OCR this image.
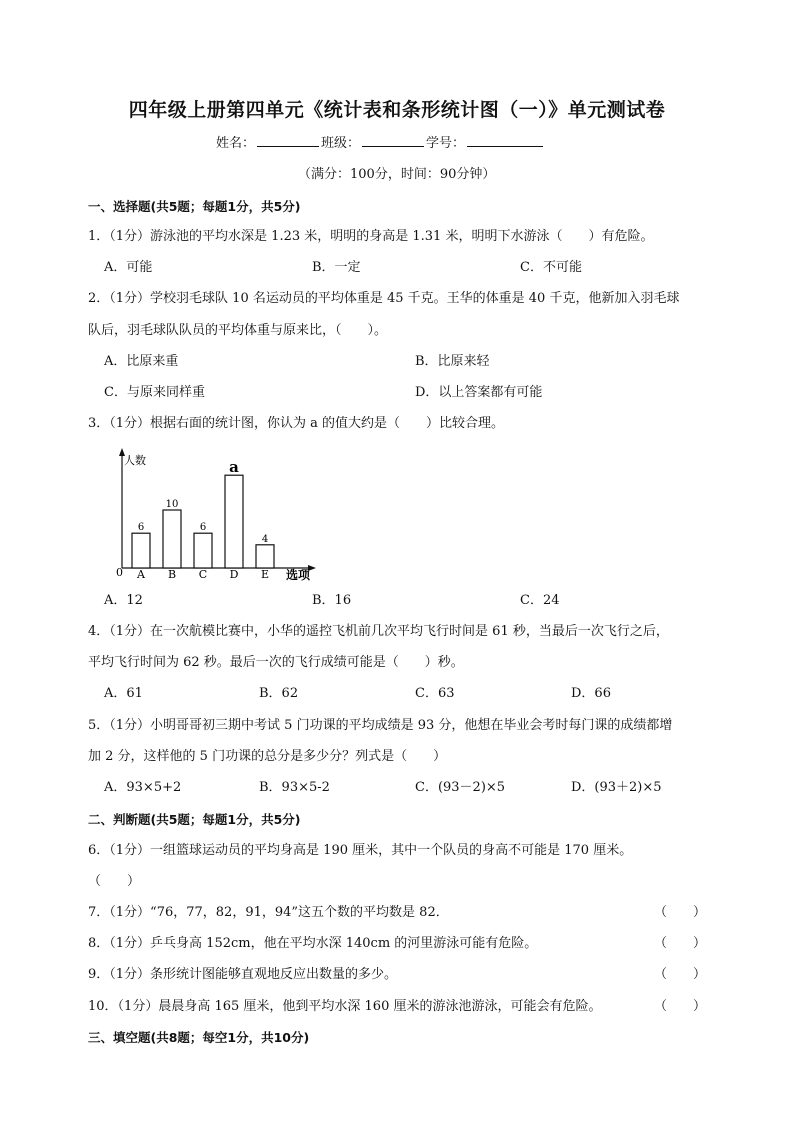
四年级上册第四单元《统计表和条形统计图（一）》单元测试卷
姓名：	班级：	学号：
（满分：100分，时间：90分钟）
一、选择题(共5题；每题1分，共5分)
1．（1分）游泳池的平均水深是 1.23 米，明明的身高是 1.31 米，明明下水游泳（　　）有危险。
A．可能	B．一定	C．不可能
2．（1分）学校羽毛球队 10 名运动员的平均体重是 45 千克。王华的体重是 40 千克，他新加入羽毛球
队后，羽毛球队队员的平均体重与原来比，（　　）。
A．比原来重	B．比原来轻
C．与原来同样重	D．以上答案都有可能
3．（1分）根据右面的统计图，你认为 a 的值大约是（　　）比较合理。
人数
选项
0
6
A
10
B
6
C
a
D
4
E
A．12	B．16	C．24
4．（1分）在一次航模比赛中，小华的遥控飞机前几次平均飞行时间是 61 秒，当最后一次飞行之后，
平均飞行时间为 62 秒。最后一次的飞行成绩可能是（　　）秒。
A．61	B．62	C．63	D．66
5．（1分）小明哥哥初三期中考试 5 门功课的平均成绩是 93 分，他想在毕业会考时每门课的成绩都增
加 2 分，这样他的 5 门功课的总分是多少分？列式是（　　）
A．93×5+2	B．93×5-2	C．(93－2)×5	D．(93＋2)×5
二、判断题(共5题；每题1分，共5分)
6．（1分）一组篮球运动员的平均身高是 190 厘米，其中一个队员的身高不可能是 170 厘米。
（　　）
7．（1分）“76，77，82，91，94”这五个数的平均数是 82．	（　　）
8．（1分）乒乓身高 152cm，他在平均水深 140cm 的河里游泳可能有危险。	（　　）
9．（1分）条形统计图能够直观地反应出数量的多少。	（　　）
10．（1分）晨晨身高 165 厘米，他到平均水深 160 厘米的游泳池游泳，可能会有危险。	（　　）
三、填空题(共8题；每空1分，共10分)
